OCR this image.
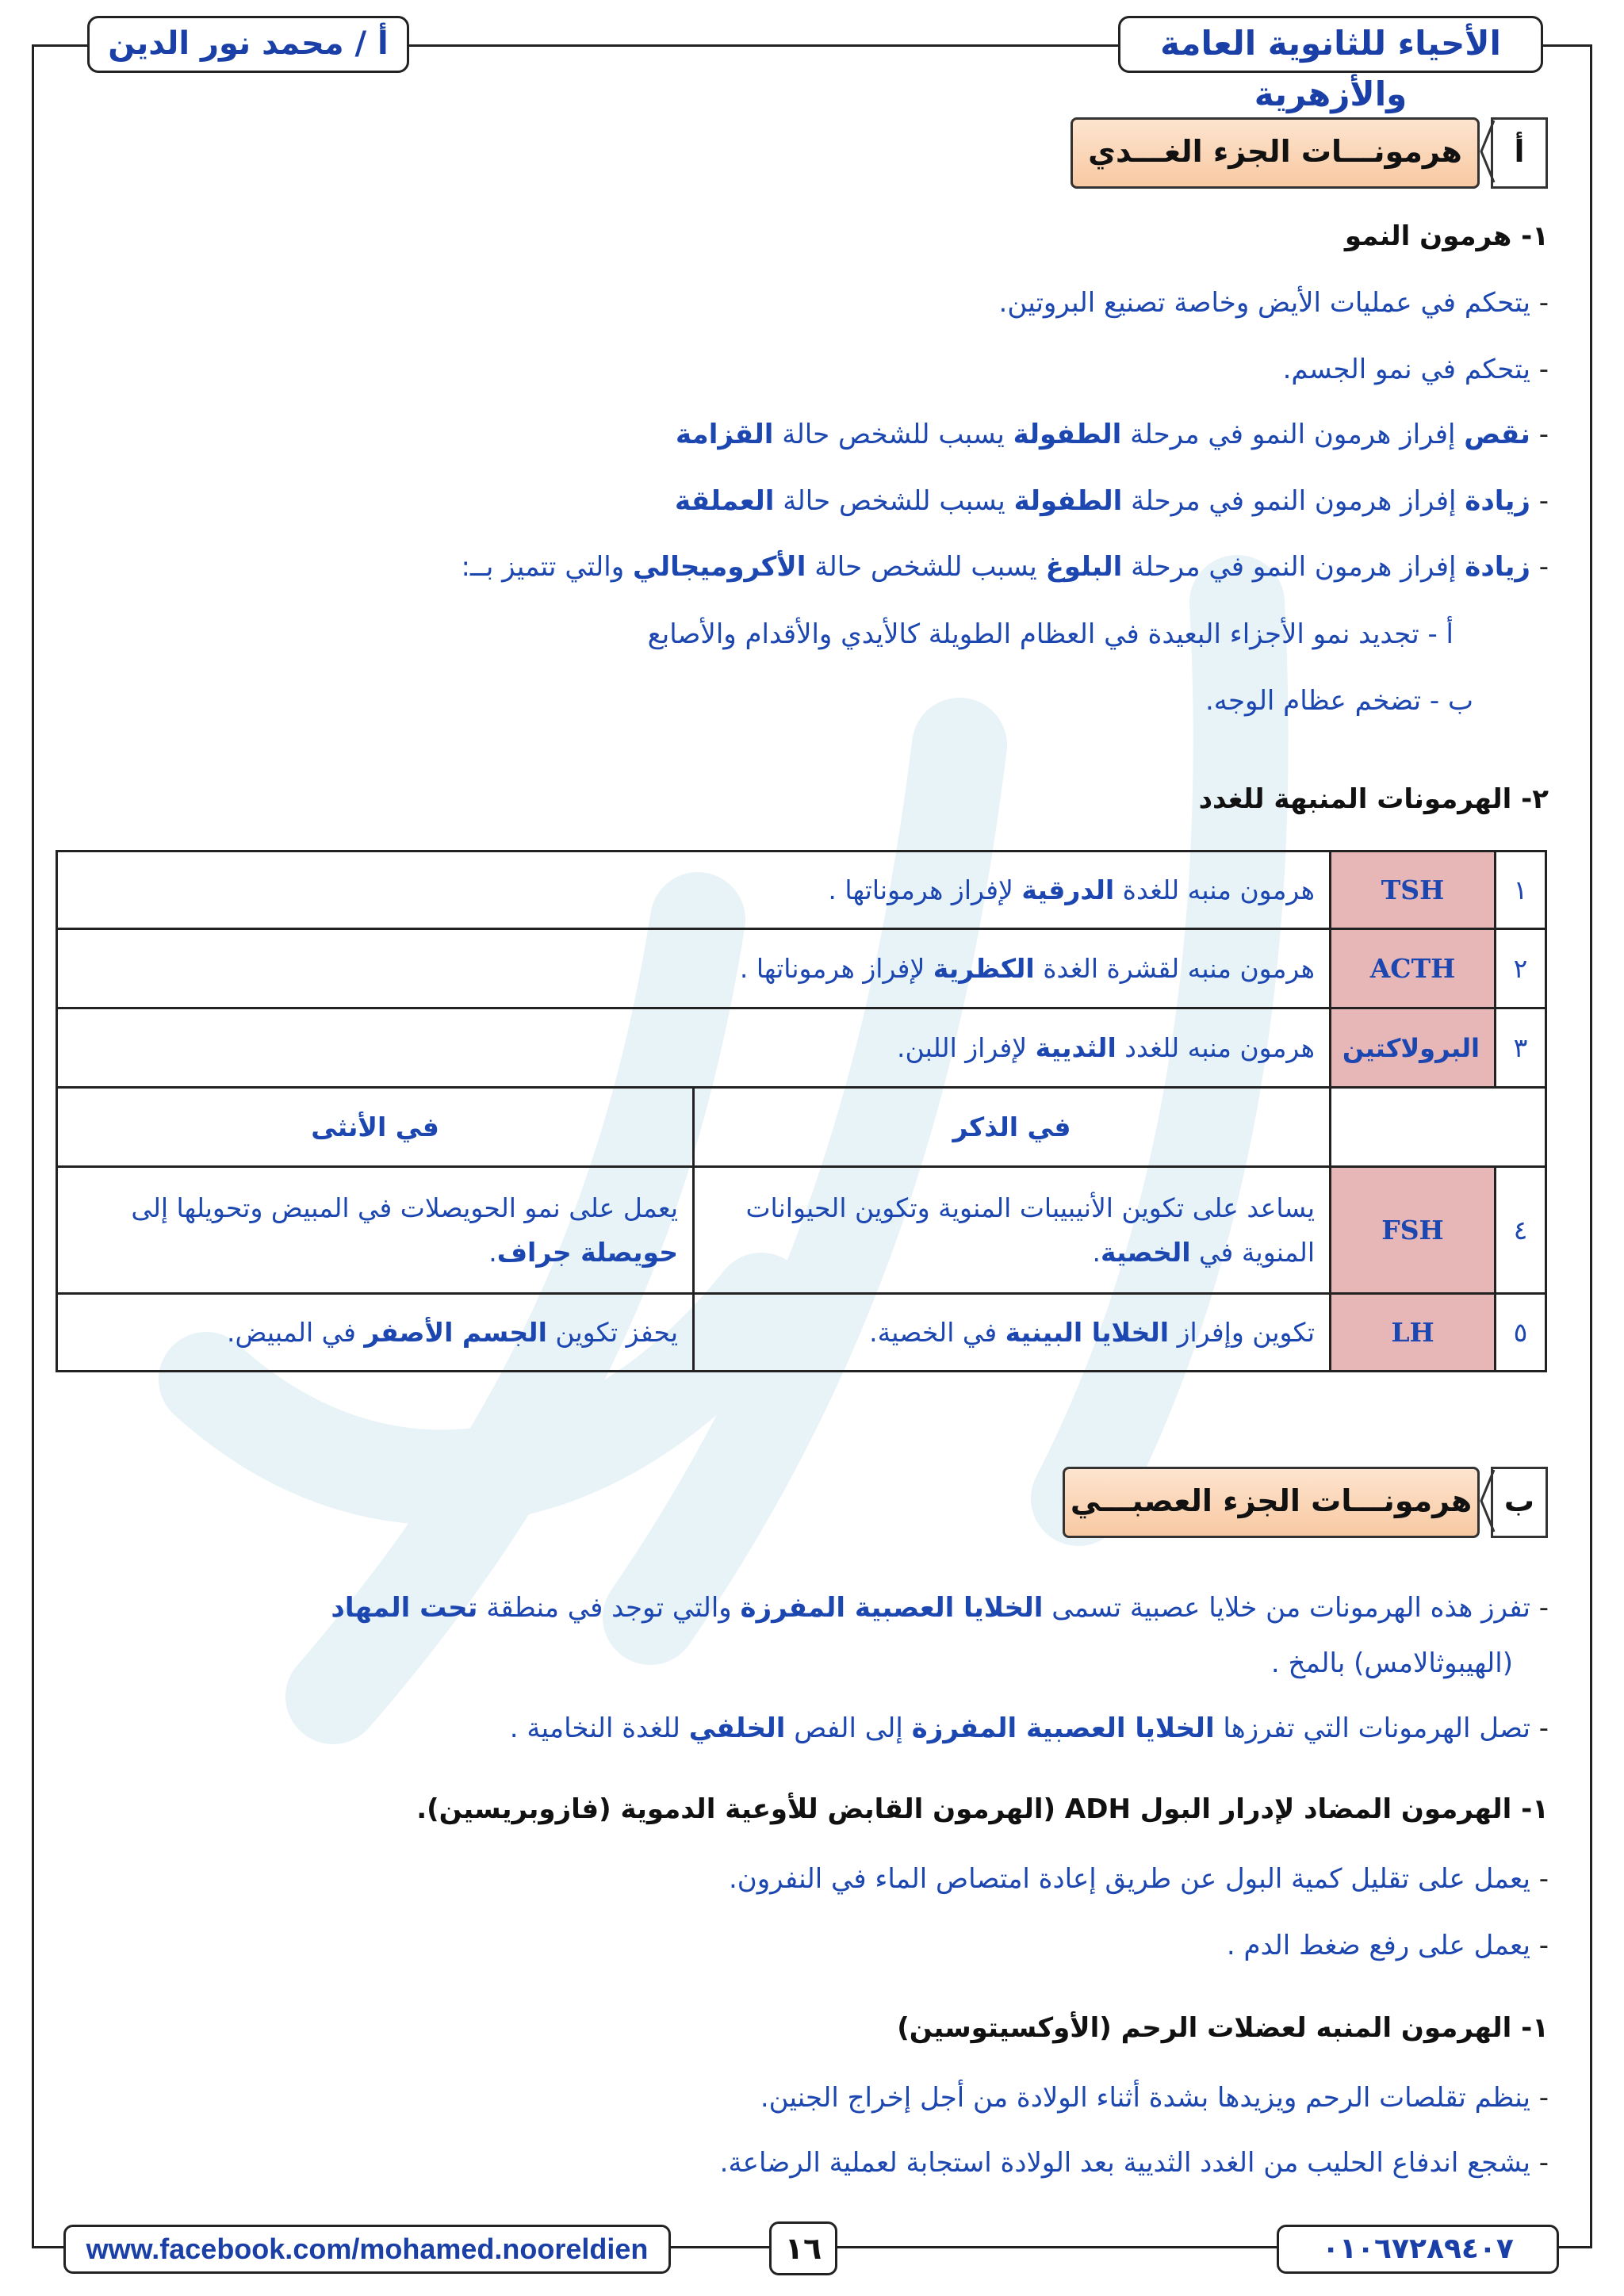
الأحياء للثانوية العامة والأزهرية
أ / محمد نور الدين
أ
هرمونـــات الجزء الغـــدي
١- هرمون النمو
- يتحكم في عمليات الأيض وخاصة تصنيع البروتين.
- يتحكم في نمو الجسم.
- نقص إفراز هرمون النمو في مرحلة الطفولة يسبب للشخص حالة القزامة
- زيادة إفراز هرمون النمو في مرحلة الطفولة يسبب للشخص حالة العملقة
- زيادة إفراز هرمون النمو في مرحلة البلوغ يسبب للشخص حالة الأكروميجالي والتي تتميز بــ:
أ - تجديد نمو الأجزاء البعيدة في العظام الطويلة كالأيدي والأقدام والأصابع
ب - تضخم عظام الوجه.
٢- الهرمونات المنبهة للغدد
١	TSH	هرمون منبه للغدة الدرقية لإفراز هرموناتها .	
٢	ACTH	هرمون منبه لقشرة الغدة الكظرية لإفراز هرموناتها .	
٣	البرولاكتين	هرمون منبه للغدد الثديية لإفراز اللبن.	
		في الذكر	في الأنثى
٤	FSH	يساعد على تكوين الأنيبيبات المنوية وتكوين الحيوانات المنوية في الخصية.	يعمل على نمو الحويصلات في المبيض وتحويلها إلى حويصلة جراف.
٥	LH	تكوين وإفراز الخلايا البينية في الخصية.	يحفز تكوين الجسم الأصفر في المبيض.
ب
هرمونـــات الجزء العصبـــي
- تفرز هذه الهرمونات من خلايا عصبية تسمى الخلايا العصبية المفرزة والتي توجد في منطقة تحت المهاد
(الهيبوثالامس) بالمخ .
- تصل الهرمونات التي تفرزها الخلايا العصبية المفرزة إلى الفص الخلفي للغدة النخامية .
١- الهرمون المضاد لإدرار البول ADH (الهرمون القابض للأوعية الدموية (فازوبريسين).
- يعمل على تقليل كمية البول عن طريق إعادة امتصاص الماء في النفرون.
- يعمل على رفع ضغط الدم .
١- الهرمون المنبه لعضلات الرحم (الأوكسيتوسين)
- ينظم تقلصات الرحم ويزيدها بشدة أثناء الولادة من أجل إخراج الجنين.
- يشجع اندفاع الحليب من الغدد الثديية بعد الولادة استجابة لعملية الرضاعة.
www.facebook.com/mohamed.nooreldien	١٦	٠١٠٦٧٢٨٩٤٠٧
